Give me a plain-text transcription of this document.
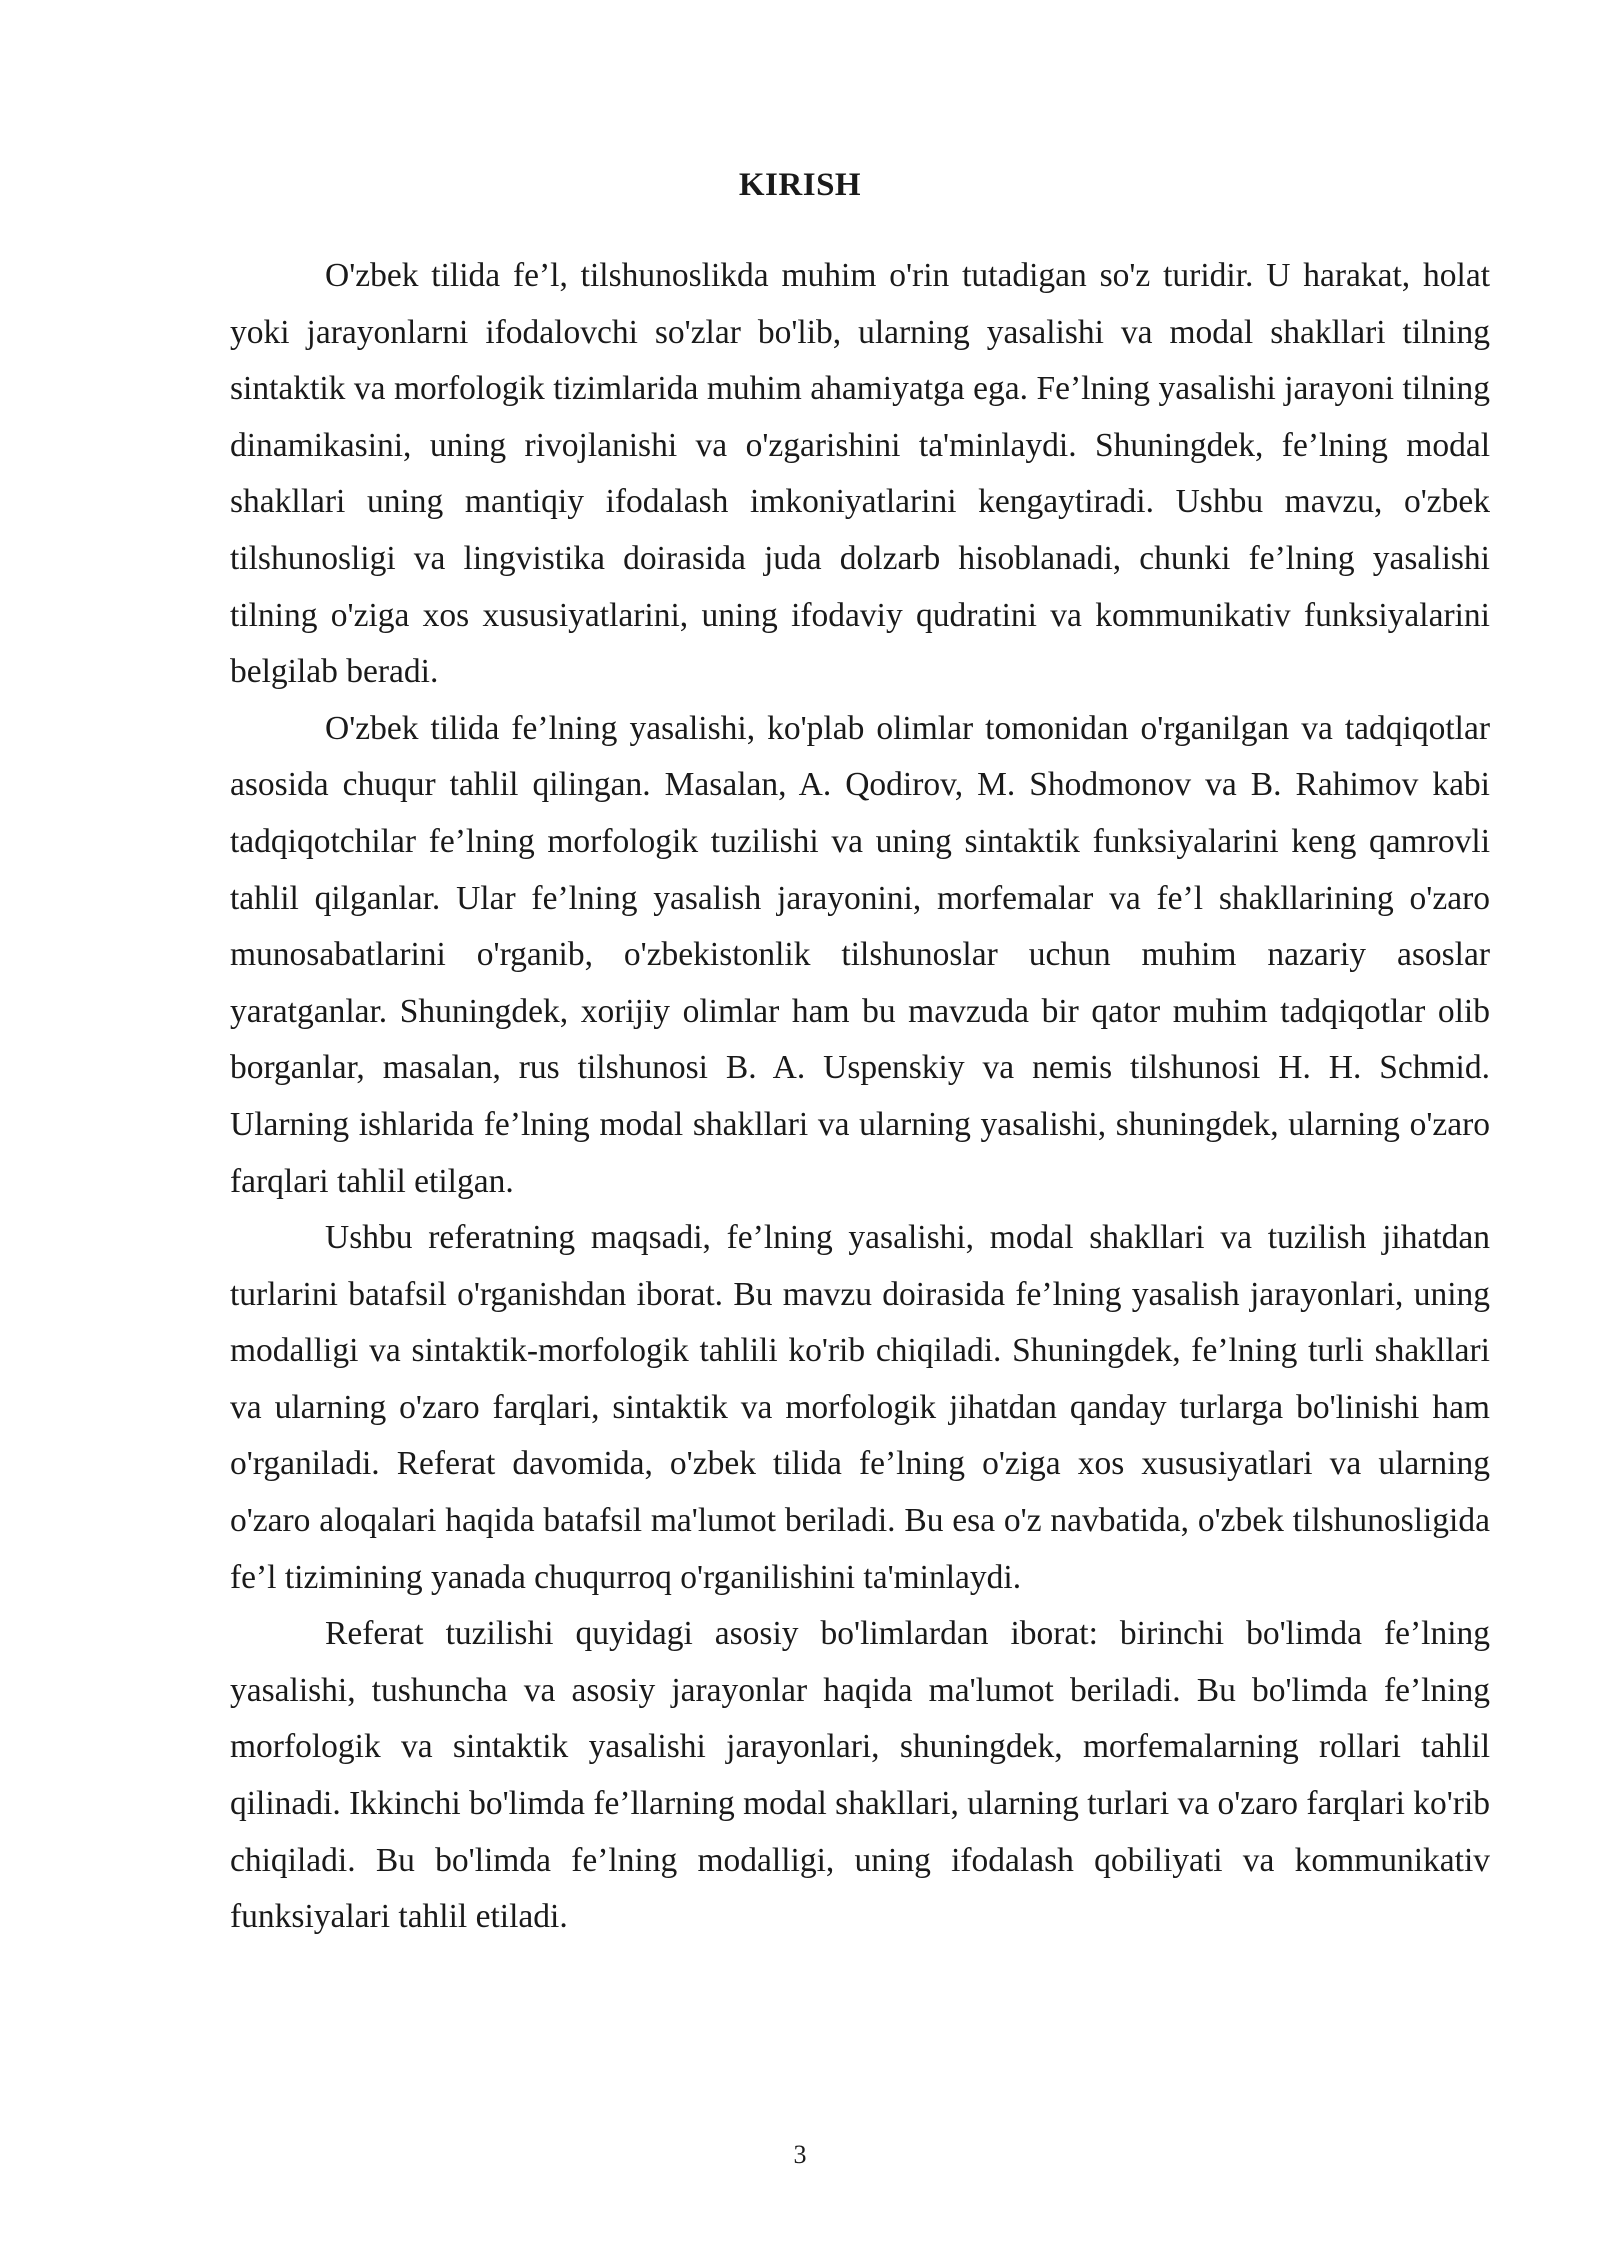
KIRISH

O'zbek tilida fe’l, tilshunoslikda muhim o'rin tutadigan so'z turidir. U harakat, holat yoki jarayonlarni ifodalovchi so'zlar bo'lib, ularning yasalishi va modal shakllari tilning sintaktik va morfologik tizimlarida muhim ahamiyatga ega. Fe’lning yasalishi jarayoni tilning dinamikasini, uning rivojlanishi va o'zgarishini ta'minlaydi. Shuningdek, fe’lning modal shakllari uning mantiqiy ifodalash imkoniyatlarini kengaytiradi. Ushbu mavzu, o'zbek tilshunosligi va lingvistika doirasida juda dolzarb hisoblanadi, chunki fe’lning yasalishi tilning o'ziga xos xususiyatlarini, uning ifodaviy qudratini va kommunikativ funksiyalarini belgilab beradi.

O'zbek tilida fe’lning yasalishi, ko'plab olimlar tomonidan o'rganilgan va tadqiqotlar asosida chuqur tahlil qilingan. Masalan, A. Qodirov, M. Shodmonov va B. Rahimov kabi tadqiqotchilar fe’lning morfologik tuzilishi va uning sintaktik funksiyalarini keng qamrovli tahlil qilganlar. Ular fe’lning yasalish jarayonini, morfemalar va fe’l shakllarining o'zaro munosabatlarini o'rganib, o'zbekistonlik tilshunoslar uchun muhim nazariy asoslar yaratganlar. Shuningdek, xorijiy olimlar ham bu mavzuda bir qator muhim tadqiqotlar olib borganlar, masalan, rus tilshunosi B. A. Uspenskiy va nemis tilshunosi H. H. Schmid. Ularning ishlarida fe’lning modal shakllari va ularning yasalishi, shuningdek, ularning o'zaro farqlari tahlil etilgan.

Ushbu referatning maqsadi, fe’lning yasalishi, modal shakllari va tuzilish jihatdan turlarini batafsil o'rganishdan iborat. Bu mavzu doirasida fe’lning yasalish jarayonlari, uning modalligi va sintaktik-morfologik tahlili ko'rib chiqiladi. Shuningdek, fe’lning turli shakllari va ularning o'zaro farqlari, sintaktik va morfologik jihatdan qanday turlarga bo'linishi ham o'rganiladi. Referat davomida, o'zbek tilida fe’lning o'ziga xos xususiyatlari va ularning o'zaro aloqalari haqida batafsil ma'lumot beriladi. Bu esa o'z navbatida, o'zbek tilshunosligida fe’l tizimining yanada chuqurroq o'rganilishini ta'minlaydi.

Referat tuzilishi quyidagi asosiy bo'limlardan iborat: birinchi bo'limda fe’lning yasalishi, tushuncha va asosiy jarayonlar haqida ma'lumot beriladi. Bu bo'limda fe’lning morfologik va sintaktik yasalishi jarayonlari, shuningdek, morfemalarning rollari tahlil qilinadi. Ikkinchi bo'limda fe’llarning modal shakllari, ularning turlari va o'zaro farqlari ko'rib chiqiladi. Bu bo'limda fe’lning modalligi, uning ifodalash qobiliyati va kommunikativ funksiyalari tahlil etiladi.

3
